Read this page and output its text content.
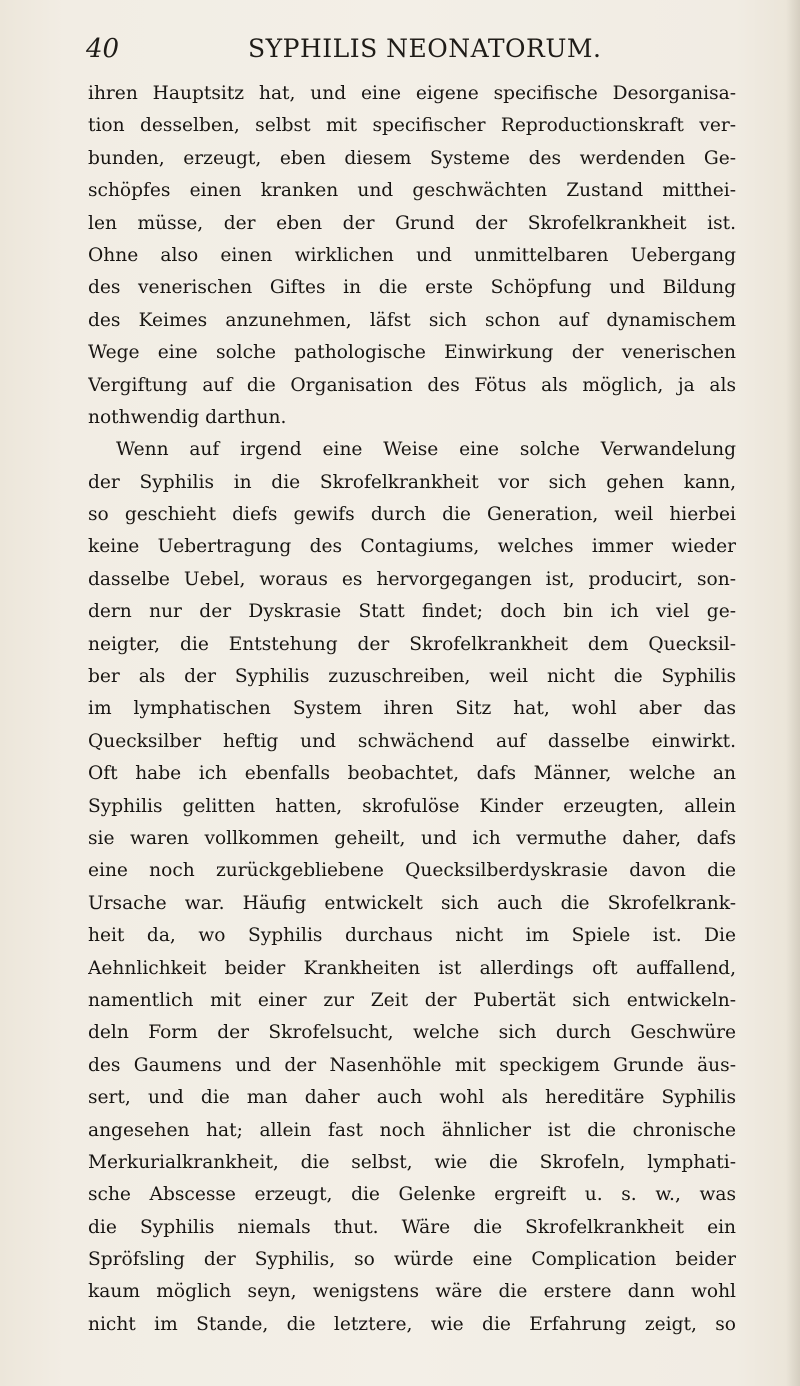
40	SYPHILIS NEONATORUM.
ihren Hauptsitz hat, und eine eigene specifische Desorganisa-
tion desselben, selbst mit specifischer Reproductionskraft ver-
bunden, erzeugt, eben diesem Systeme des werdenden Ge-
schöpfes einen kranken und geschwächten Zustand mitthei-
len müsse, der eben der Grund der Skrofelkrankheit ist.
Ohne also einen wirklichen und unmittelbaren Uebergang
des venerischen Giftes in die erste Schöpfung und Bildung
des Keimes anzunehmen, läfst sich schon auf dynamischem
Wege eine solche pathologische Einwirkung der venerischen
Vergiftung auf die Organisation des Fötus als möglich, ja als
nothwendig darthun.
Wenn auf irgend eine Weise eine solche Verwandelung
der Syphilis in die Skrofelkrankheit vor sich gehen kann,
so geschieht diefs gewifs durch die Generation, weil hierbei
keine Uebertragung des Contagiums, welches immer wieder
dasselbe Uebel, woraus es hervorgegangen ist, producirt, son-
dern nur der Dyskrasie Statt findet; doch bin ich viel ge-
neigter, die Entstehung der Skrofelkrankheit dem Quecksil-
ber als der Syphilis zuzuschreiben, weil nicht die Syphilis
im lymphatischen System ihren Sitz hat, wohl aber das
Quecksilber heftig und schwächend auf dasselbe einwirkt.
Oft habe ich ebenfalls beobachtet, dafs Männer, welche an
Syphilis gelitten hatten, skrofulöse Kinder erzeugten, allein
sie waren vollkommen geheilt, und ich vermuthe daher, dafs
eine noch zurückgebliebene Quecksilberdyskrasie davon die
Ursache war. Häufig entwickelt sich auch die Skrofelkrank-
heit da, wo Syphilis durchaus nicht im Spiele ist. Die
Aehnlichkeit beider Krankheiten ist allerdings oft auffallend,
namentlich mit einer zur Zeit der Pubertät sich entwickeln-
deln Form der Skrofelsucht, welche sich durch Geschwüre
des Gaumens und der Nasenhöhle mit speckigem Grunde äus-
sert, und die man daher auch wohl als hereditäre Syphilis
angesehen hat; allein fast noch ähnlicher ist die chronische
Merkurialkrankheit, die selbst, wie die Skrofeln, lymphati-
sche Abscesse erzeugt, die Gelenke ergreift u. s. w., was
die Syphilis niemals thut. Wäre die Skrofelkrankheit ein
Spröfsling der Syphilis, so würde eine Complication beider
kaum möglich seyn, wenigstens wäre die erstere dann wohl
nicht im Stande, die letztere, wie die Erfahrung zeigt, so
